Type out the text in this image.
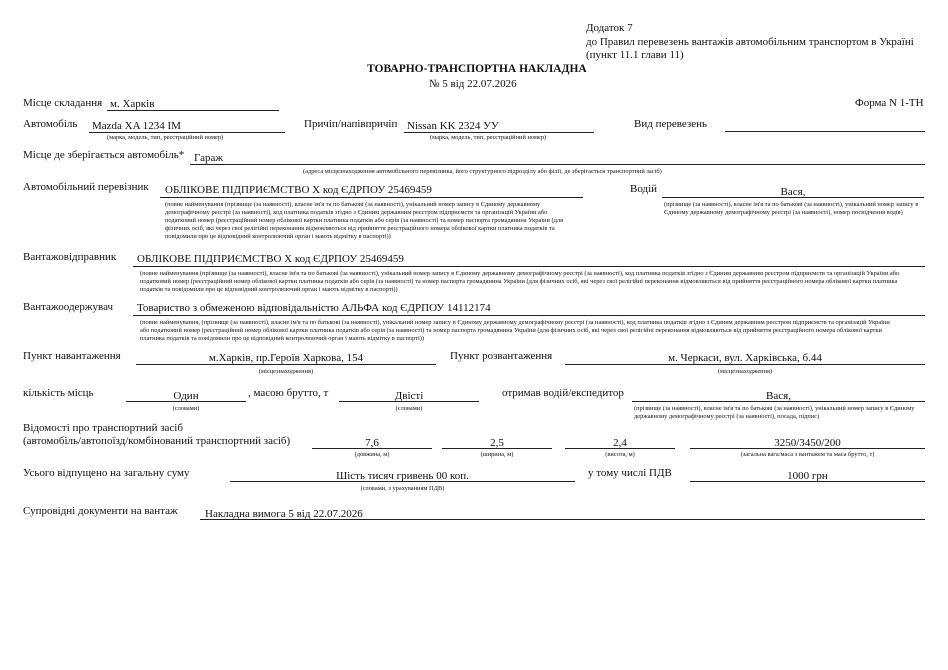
Додаток 7
до Правил перевезень вантажів автомобільним транспортом в Україні
(пункт 11.1 глави 11)
ТОВАРНО-ТРАНСПОРТНА НАКЛАДНА
№ 5 від 22.07.2026
Форма N 1-ТН
Місце складання м. Харків
Автомобіль Mazda XA 1234 IM
(марка, модель, тип, реєстраційний номер)
Причіп/напівпричіп Nissan KK 2324 УУ
(марка, модель, тип, реєстраційний номер)
Вид перевезень
Місце де зберігається автомобіль* Гараж
(адреса місцезнаходження автомобільного перевізника, його структурного підрозділу або філії, де зберігається транспортний засіб)
Автомобільний перевізник ОБЛІКОВЕ ПІДПРИЄМСТВО Х код ЄДРПОУ 25469459
(повне найменування (прізвище (за наявності), власне ім'я та по батькові (за наявності), унікальний номер запису в Єдиному державному демографічному реєстрі (за наявності), код платника податків згідно з Єдиним державним реєстром підприємств та організацій України або податковий номер (реєстраційний номер облікової картки платника податків або серія (за наявності) та номер паспорта громадянина України (для фізичних осіб, які через свої релігійні переконання відмовляються від прийняття реєстраційного номера облікової картки платника податків та повідомили про це відповідний контролюючий орган і мають відмітку в паспорті))
Водій	Вася,
(прізвище (за наявності), власне ім'я та по батькові (за наявності), унікальний номер запису в Єдиному державному демографічному реєстрі (за наявності), номер посвідчення водія)
Вантажовідправник ОБЛІКОВЕ ПІДПРИЄМСТВО Х код ЄДРПОУ 25469459
(повне найменування (прізвище (за наявності), власне ім'я та по батькові (за наявності), унікальний номер запису в Єдиному державному демографічному реєстрі (за наявності), код платника податків згідно з Єдиним державним реєстром підприємств та організацій України або податковий номер (реєстраційний номер облікової картки платника податків або серія (за наявності) та номер паспорта громадянина України (для фізичних осіб, які через свої релігійні переконання відмовляються від прийняття реєстраційного номера облікової картки платника податків та повідомили про це відповідний контролюючий орган і мають відмітку в паспорті))
Вантажоодержувач Товариство з обмеженою відповідальністю АЛЬФА код ЄДРПОУ 14112174
(повне найменування, (прізвище (за наявності), власне ім'я та по батькові (за наявності), унікальний номер запису в Єдиному державному демографічному реєстрі (за наявності), код платника податків згідно з Єдиним державним реєстром підприємств та організацій України або податковий номер (реєстраційний номер облікової картки платника податків або серія (за наявності) та номер паспорта громадянина України (для фізичних осіб, які через свої релігійні переконання відмовляються від прийняття реєстраційного номера облікової картки платника податків та повідомили про це відповідний контролюючий орган і мають відмітку в паспорті))
Пункт навантаження	м.Харків, пр.Героїв Харкова, 154
(місцезнаходження)
Пункт розвантаження	м. Черкаси, вул. Харківська, б.44
(місцезнаходження)
кількість місць	Один
(словами)
, масою брутто, т	Двісті
(словами)
отримав водій/експедитор	Вася,
(прізвище (за наявності), власне ім'я та по батькові (за наявності), унікальний номер запису в Єдиному державному демографічному реєстрі (за наявності), посада, підпис)
Відомості про транспортний засіб
(автомобіль/автопоїзд/комбінований транспортний засіб)	7,6
(довжина, м)
2,5
(ширина, м)
2,4
(висота, м)
3250/3450/200
(загальна вага/маса з вантажем та маса брутто, т)
Усього відпущено на загальну суму	Шість тисяч гривень 00 коп.
(словами, з урахуванням ПДВ)
у тому числі ПДВ	1000 грн
Супровідні документи на вантаж Накладна вимога 5 від 22.07.2026
